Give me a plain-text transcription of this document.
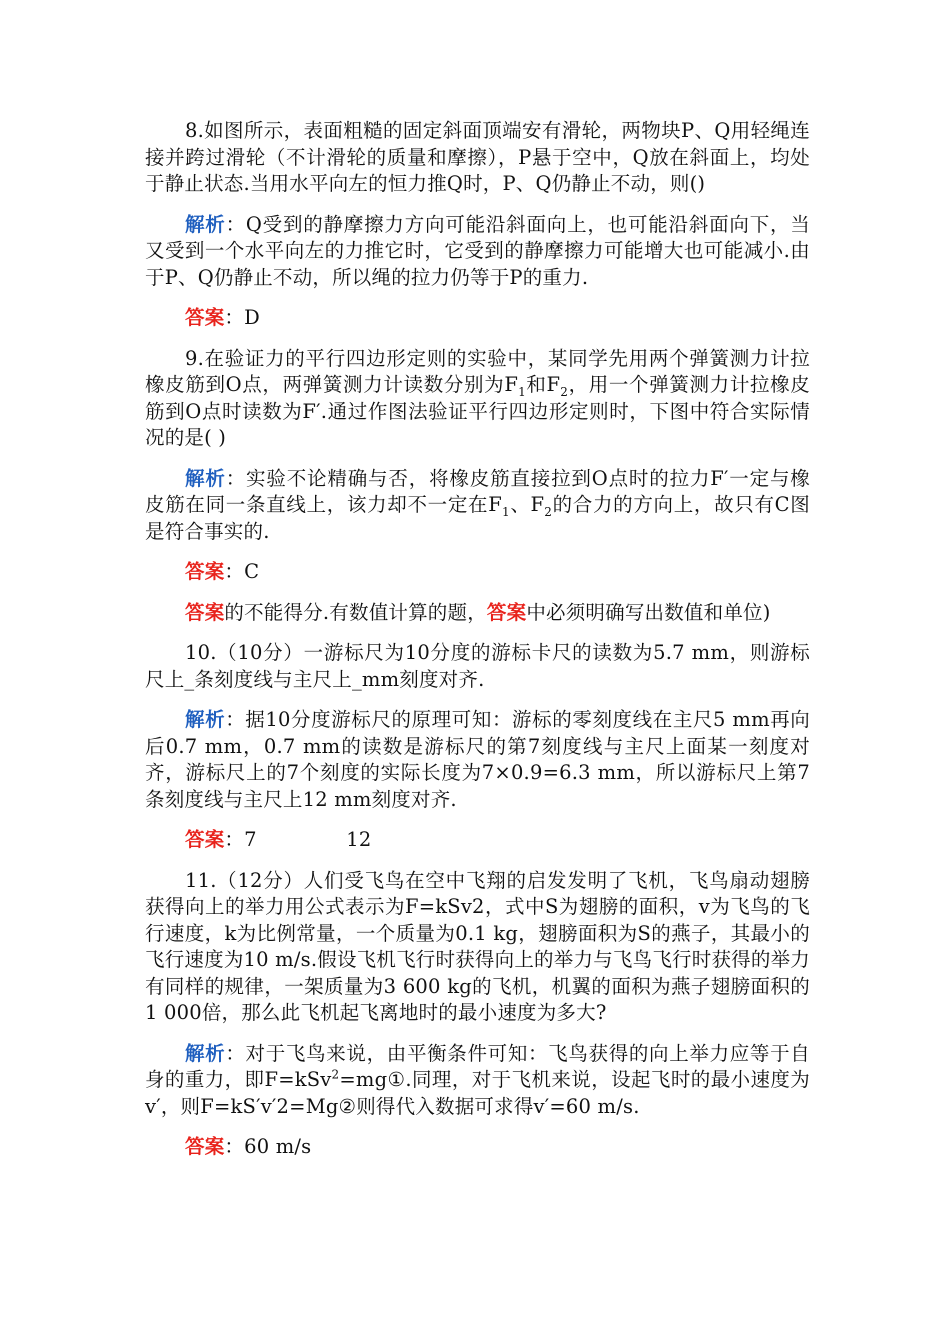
8.如图所示，表面粗糙的固定斜面顶端安有滑轮，两物块P、Q用轻绳连接并跨过滑轮（不计滑轮的质量和摩擦），P悬于空中，Q放在斜面上，均处于静止状态.当用水平向左的恒力推Q时，P、Q仍静止不动，则()

解析：Q受到的静摩擦力方向可能沿斜面向上，也可能沿斜面向下，当又受到一个水平向左的力推它时，它受到的静摩擦力可能增大也可能减小.由于P、Q仍静止不动，所以绳的拉力仍等于P的重力.

答案：D

9.在验证力的平行四边形定则的实验中，某同学先用两个弹簧测力计拉橡皮筋到O点，两弹簧测力计读数分别为$F_1$和$F_2$，用一个弹簧测力计拉橡皮筋到O点时读数为F′.通过作图法验证平行四边形定则时，下图中符合实际情况的是( )

解析：实验不论精确与否，将橡皮筋直接拉到O点时的拉力F′一定与橡皮筋在同一条直线上，该力却不一定在$F_1$、$F_2$的合力的方向上，故只有C图是符合事实的.

答案：C

答案的不能得分.有数值计算的题，答案中必须明确写出数值和单位)

10.（10分）一游标尺为10分度的游标卡尺的读数为5.7 mm，则游标尺上_条刻度线与主尺上_mm刻度对齐.

解析：据10分度游标尺的原理可知：游标的零刻度线在主尺5 mm再向后0.7 mm，0.7 mm的读数是游标尺的第7刻度线与主尺上面某一刻度对齐，游标尺上的7个刻度的实际长度为7×0.9=6.3 mm，所以游标尺上第7条刻度线与主尺上12 mm刻度对齐.

答案：7              12

11.（12分）人们受飞鸟在空中飞翔的启发发明了飞机，飞鸟扇动翅膀获得向上的举力用公式表示为F=kSv2，式中S为翅膀的面积，v为飞鸟的飞行速度，k为比例常量，一个质量为0.1 kg，翅膀面积为S的燕子，其最小的飞行速度为10 m/s.假设飞机飞行时获得向上的举力与飞鸟飞行时获得的举力有同样的规律，一架质量为3 600 kg的飞机，机翼的面积为燕子翅膀面积的1 000倍，那么此飞机起飞离地时的最小速度为多大?

解析：对于飞鸟来说，由平衡条件可知：飞鸟获得的向上举力应等于自身的重力，即F=kSv$^2$=mg①.同理，对于飞机来说，设起飞时的最小速度为v′，则F=kS′v′2=Mg②则得代入数据可求得v′=60 m/s.

答案：60 m/s
